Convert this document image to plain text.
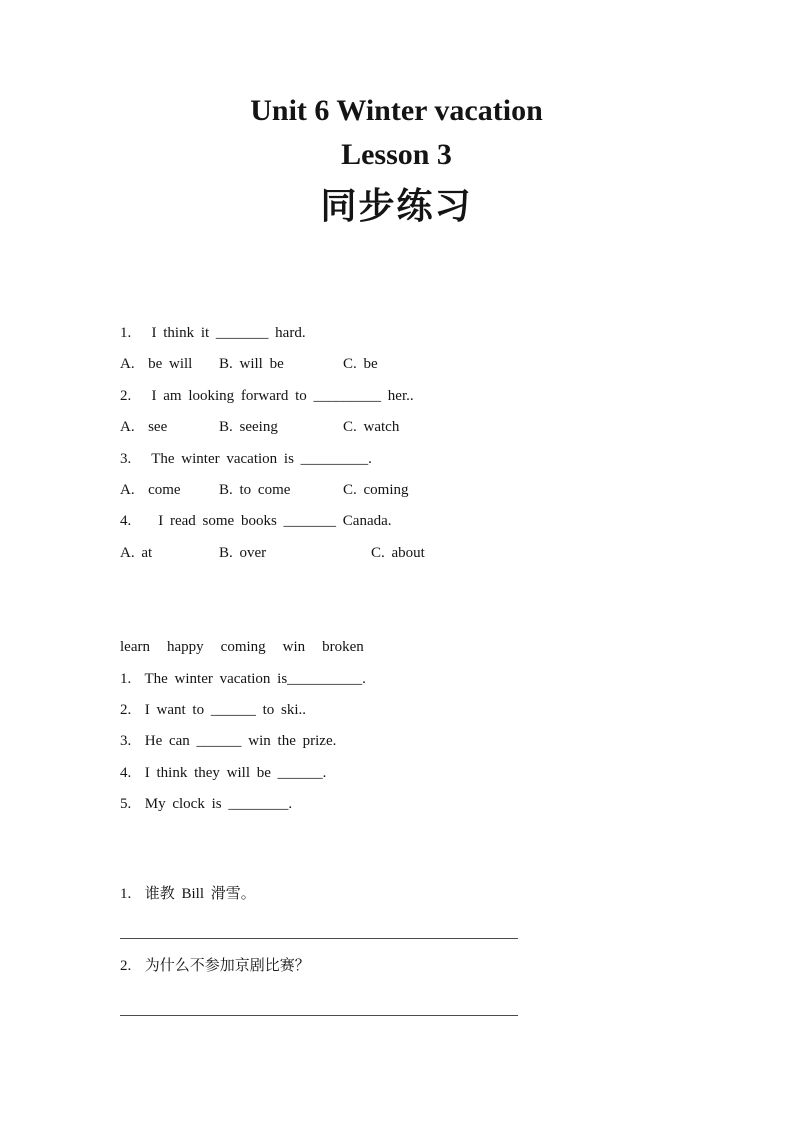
Unit 6 Winter vacation
Lesson 3
同步练习
1.   I think it _______ hard.
A.  be will	B. will be	C. be
2.   I am looking forward to _________ her..
A.  see	B. seeing	C. watch
3.   The winter vacation is _________.
A.  come	B. to come	C. coming
4.    I read some books _______ Canada.
A. at	B. over	C. about
learn happy coming win broken
1.  The winter vacation is__________.
2.  I want to ______ to ski..
3.  He can ______ win the prize.
4.  I think they will be ______.
5.  My clock is ________.
1.  谁教 Bill 滑雪。
2.  为什么不参加京剧比赛？
